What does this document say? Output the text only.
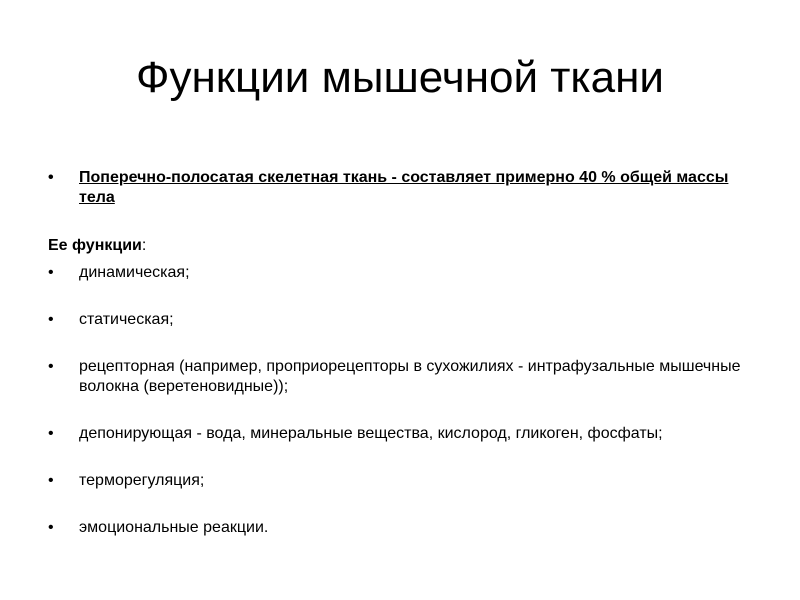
Функции мышечной ткани
•	Поперечно-полосатая скелетная ткань - составляет примерно 40 % общей массы тела
Ее функции:
•	динамическая;
•	статическая;
•	рецепторная (например, проприорецепторы в сухожилиях - интрафузальные мышечные волокна (веретеновидные));
•	депонирующая - вода, минеральные вещества, кислород, гликоген, фосфаты;
•	терморегуляция;
•	эмоциональные реакции.
